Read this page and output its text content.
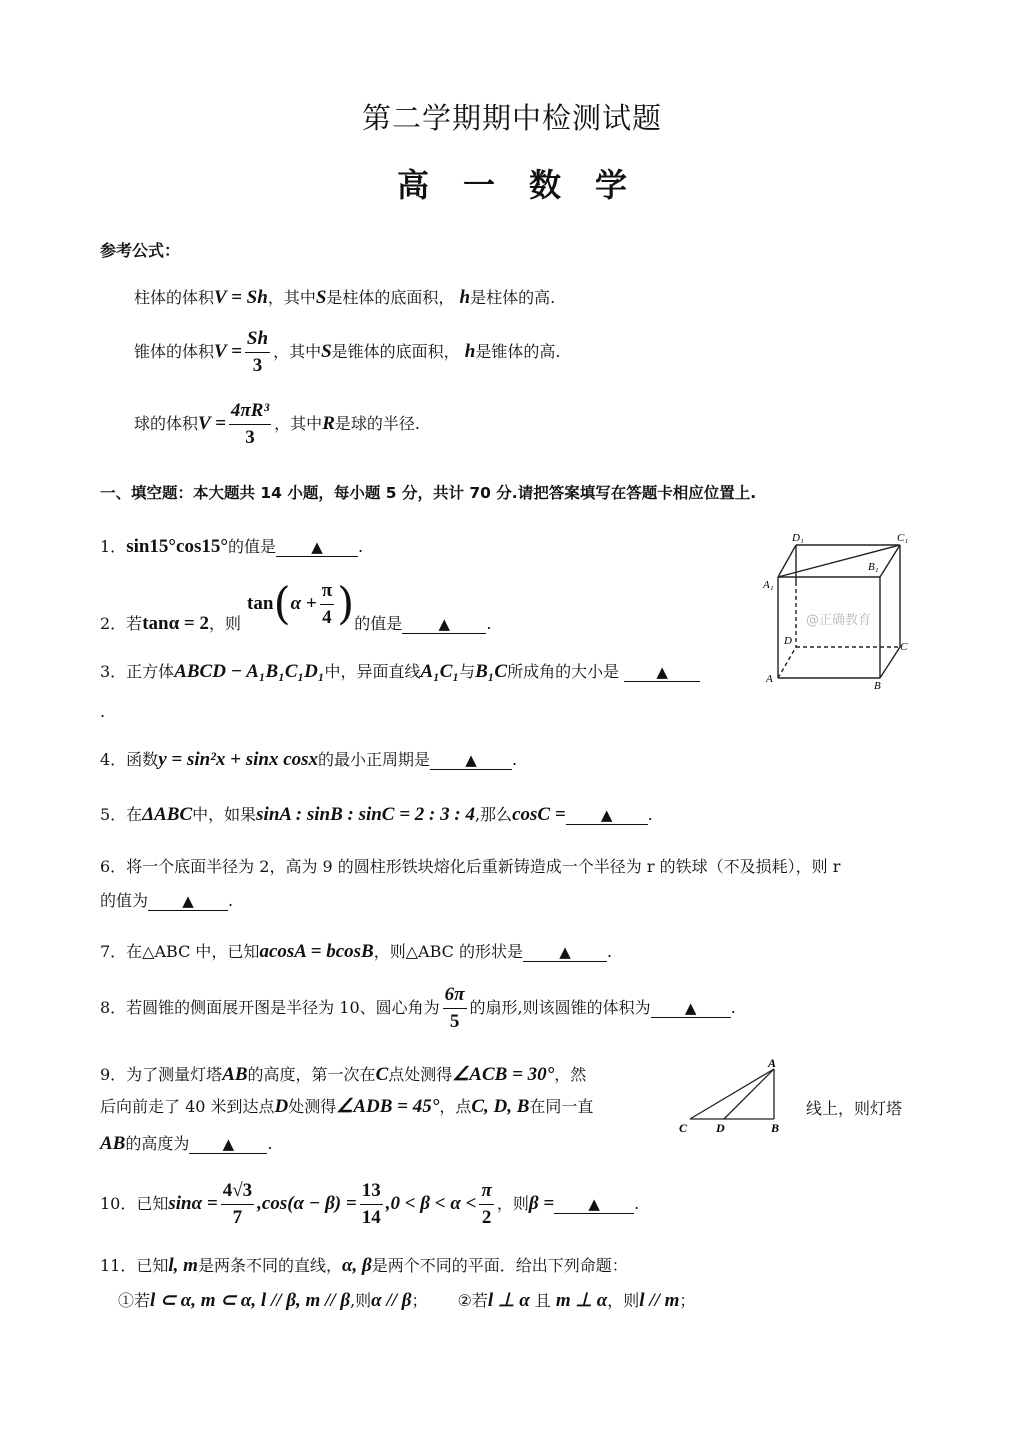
第二学期期中检测试题
高一数学
参考公式：
柱体的体积V = Sh，其中S是柱体的底面积， h是柱体的高.
锥体的体积$V = \frac{Sh}{3}$ ，其中S是锥体的底面积， h是锥体的高.
球的体积$V = \frac{\text{4πR³}}{3}$ ，其中R是球的半径.
一、填空题：本大题共 14 小题，每小题 5 分，共计 70 分.请把答案填写在答题卡相应位置上.
1．sin15°cos15°的值是 ▲ .
2．若tanα = 2，则$\tan(\alpha + \frac{\pi}{4}$ )的值是 ▲ .
3．正方体ABCD − A₁B₁C₁D₁中，异面直线A₁C₁与B₁C所成角的大小是 ▲
.
4．函数y = sin²x + sinx cosx的最小正周期是 ▲ .
5．在ΔABC中，如果sinA : sinB : sinC = 2 : 3 : 4,那么cosC = ▲ .
6．将一个底面半径为 2，高为 9 的圆柱形铁块熔化后重新铸造成一个半径为 r 的铁球（不及损耗），则 r
的值为 ▲ .
7．在△ABC 中，已知acosA = bcosB，则△ABC 的形状是 ▲ .
8．若圆锥的侧面展开图是半径为 10、圆心角为 $\frac{6\pi}{5}$ 的扇形,则该圆锥的体积为 ▲ .
9．为了测量灯塔AB的高度，第一次在C点处测得∠ACB = 30°，然
后向前走了 40 米到达点D处测得∠ADB = 45°，点C, D, B在同一直	线上，则灯塔
AB的高度为 ▲ .
10．已知$\sin\alpha = \frac{4√3}{7} ,\cos(\alpha - \beta) = \frac{13}{14} ,0 < \beta < \alpha < \frac{\pi}{2}$ ，则β = ▲ .
11．已知l, m是两条不同的直线，α, β是两个不同的平面．给出下列命题：
①若l ⊂ α, m ⊂ α, l // β, m // β,则α // β； ②若l ⊥ α 且 m ⊥ α，则l // m；
D₁	C₁
A₁
B₁
D	C
A
B
@正确教育
A
C D	B
